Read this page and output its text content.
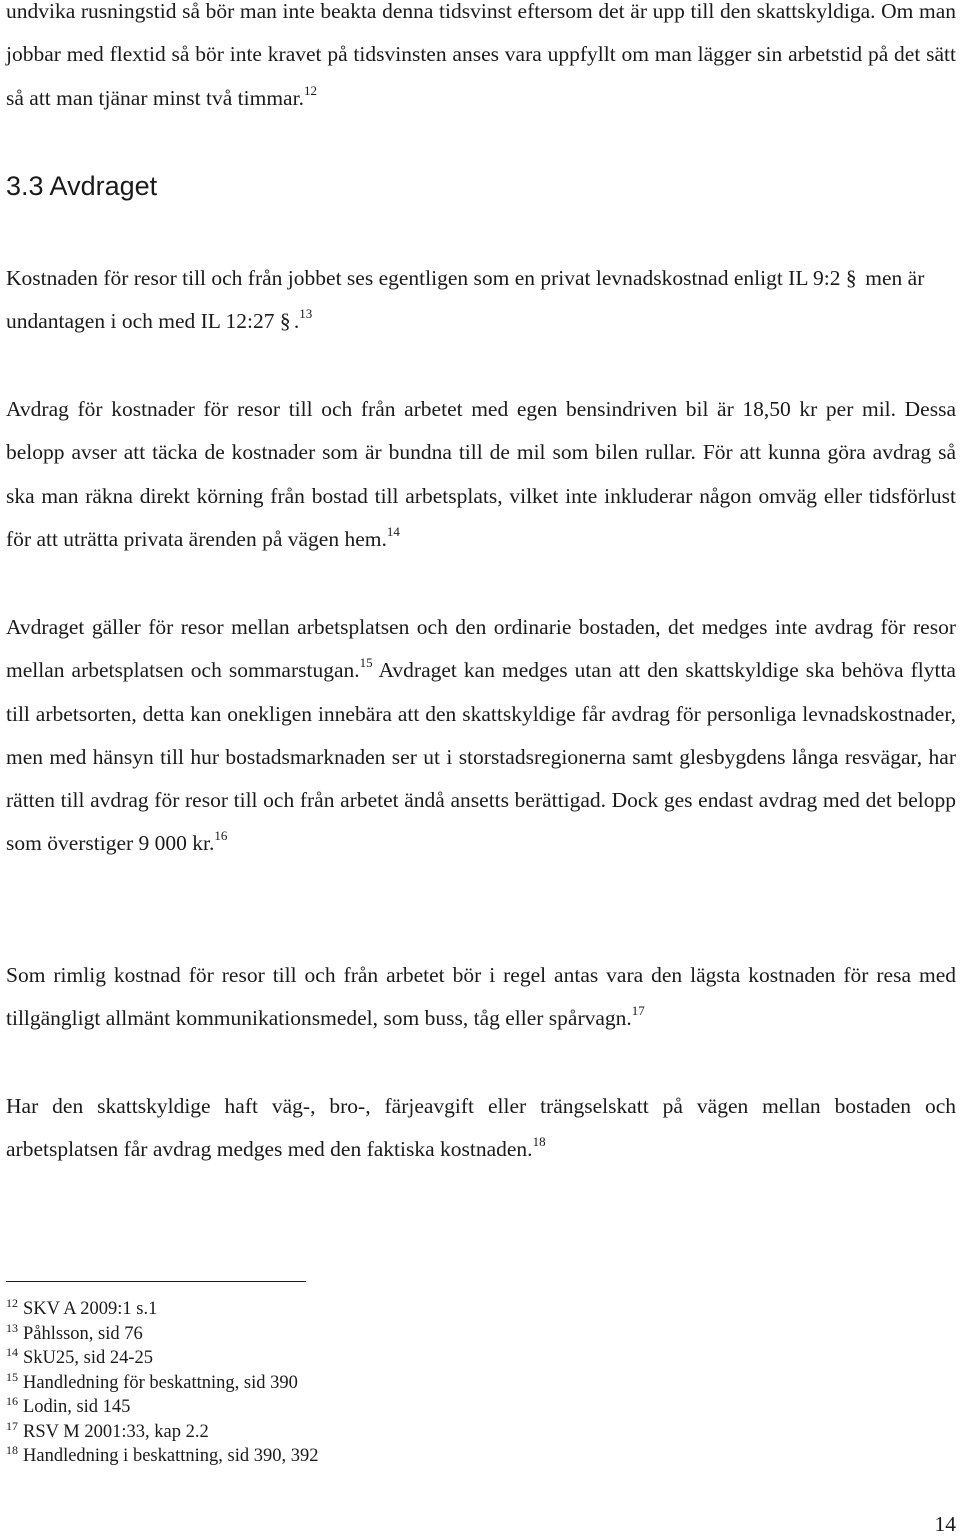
undvika rusningstid så bör man inte beakta denna tidsvinst eftersom det är upp till den skattskyldiga. Om man jobbar med flextid så bör inte kravet på tidsvinsten anses vara uppfyllt om man lägger sin arbetstid på det sätt så att man tjänar minst två timmar.$^{12}$

3.3 Avdraget

Kostnaden för resor till och från jobbet ses egentligen som en privat levnadskostnad enligt IL 9:2 § men är undantagen i och med IL 12:27 § .$^{13}$

Avdrag för kostnader för resor till och från arbetet med egen bensindriven bil är 18,50 kr per mil. Dessa belopp avser att täcka de kostnader som är bundna till de mil som bilen rullar. För att kunna göra avdrag så ska man räkna direkt körning från bostad till arbetsplats, vilket inte inkluderar någon omväg eller tidsförlust för att uträtta privata ärenden på vägen hem.$^{14}$

Avdraget gäller för resor mellan arbetsplatsen och den ordinarie bostaden, det medges inte avdrag för resor mellan arbetsplatsen och sommarstugan.$^{15}$ Avdraget kan medges utan att den skattskyldige ska behöva flytta till arbetsorten, detta kan onekligen innebära att den skattskyldige får avdrag för personliga levnadskostnader, men med hänsyn till hur bostadsmarknaden ser ut i storstadsregionerna samt glesbygdens långa resvägar, har rätten till avdrag för resor till och från arbetet ändå ansetts berättigad. Dock ges endast avdrag med det belopp som överstiger 9 000 kr.$^{16}$

Som rimlig kostnad för resor till och från arbetet bör i regel antas vara den lägsta kostnaden för resa med tillgängligt allmänt kommunikationsmedel, som buss, tåg eller spårvagn.$^{17}$

Har den skattskyldige haft väg-, bro-, färjeavgift eller trängselskatt på vägen mellan bostaden och arbetsplatsen får avdrag medges med den faktiska kostnaden.$^{18}$

$^{12}$ SKV A 2009:1 s.1
$^{13}$ Påhlsson, sid 76
$^{14}$ SkU25, sid 24-25
$^{15}$ Handledning för beskattning, sid 390
$^{16}$ Lodin, sid 145
$^{17}$ RSV M 2001:33, kap 2.2
$^{18}$ Handledning i beskattning, sid 390, 392
14
